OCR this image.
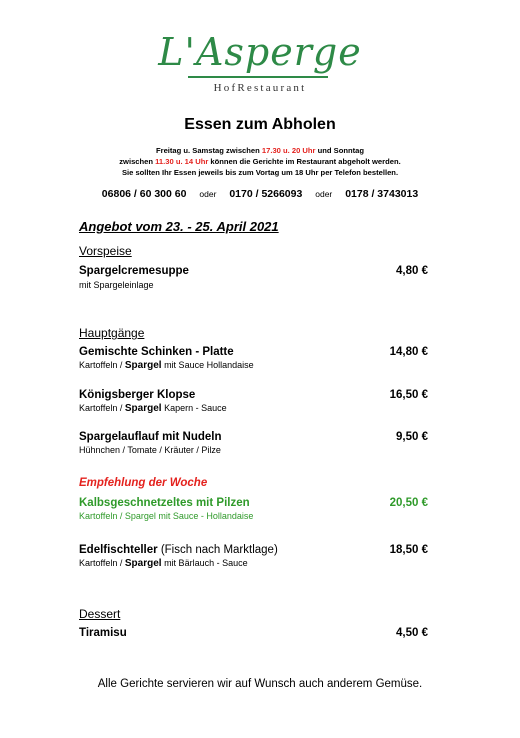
L'Asperge
HofRestaurant
Essen zum Abholen
Freitag u. Samstag zwischen 17.30 u. 20 Uhr und Sonntag
zwischen 11.30 u. 14 Uhr können die Gerichte im Restaurant abgeholt werden.
Sie sollten Ihr Essen jeweils bis zum Vortag um 18 Uhr per Telefon bestellen.
06806 / 60 300 60 oder 0170 / 5266093 oder 0178 / 3743013
Angebot vom 23. - 25. April 2021
Vorspeise
Spargelcremesuppe	4,80 €
mit Spargeleinlage
Hauptgänge
Gemischte Schinken - Platte	14,80 €
Kartoffeln / Spargel mit Sauce Hollandaise
Königsberger Klopse	16,50 €
Kartoffeln / Spargel Kapern - Sauce
Spargelauflauf mit Nudeln	9,50 €
Hühnchen / Tomate / Kräuter / Pilze
Empfehlung der Woche
Kalbsgeschnetzeltes mit Pilzen	20,50 €
Kartoffeln / Spargel mit Sauce - Hollandaise
Edelfischteller (Fisch nach Marktlage)	18,50 €
Kartoffeln / Spargel mit Bärlauch - Sauce
Dessert
Tiramisu	4,50 €
Alle Gerichte servieren wir auf Wunsch auch anderem Gemüse.
